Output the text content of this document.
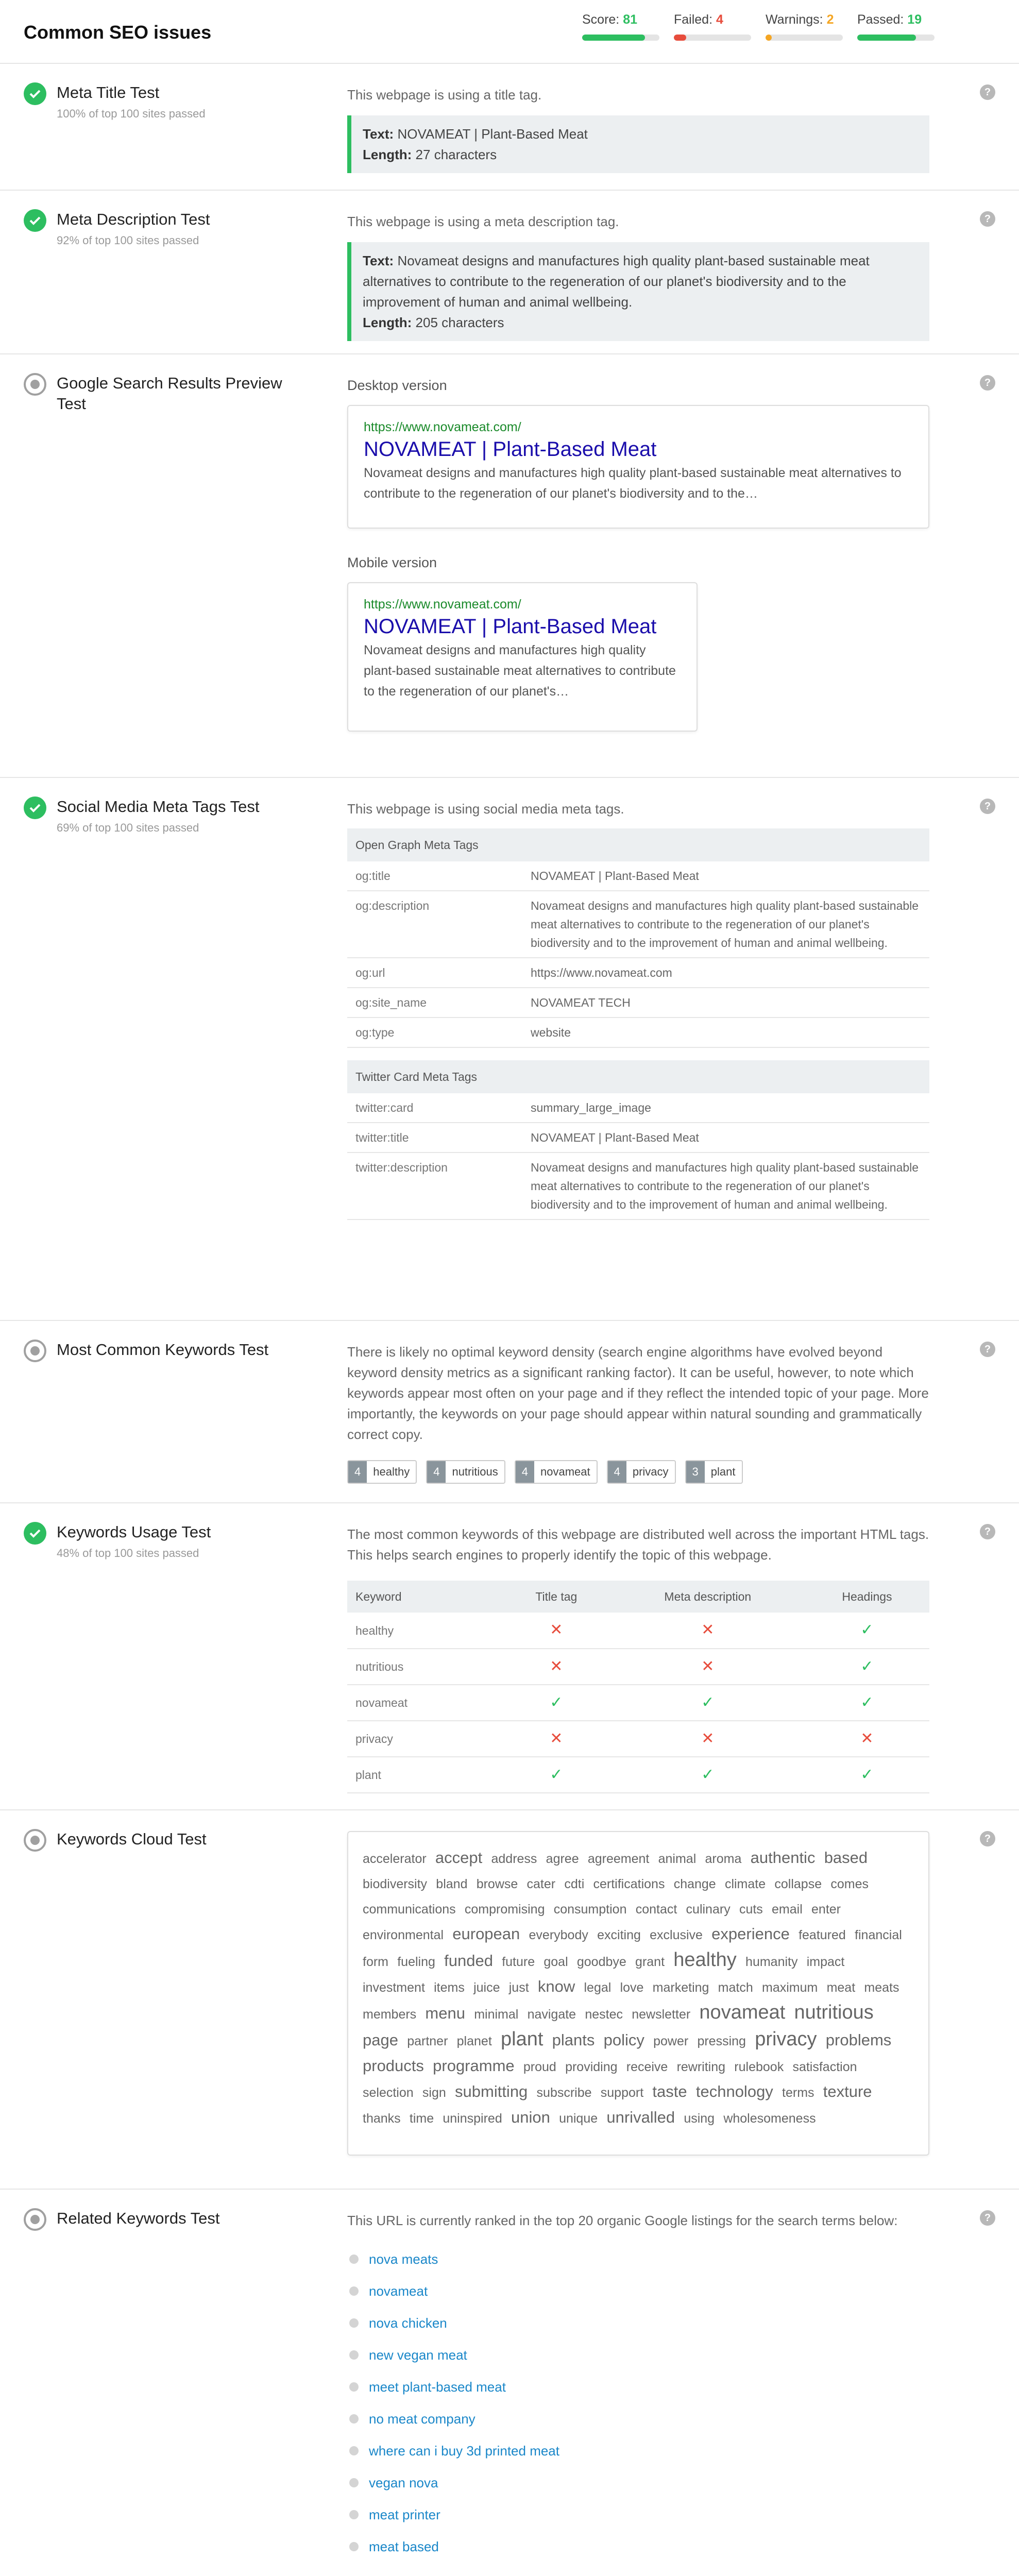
Common SEO issues
Score: 81	Failed: 4	Warnings: 2	Passed: 19
Meta Title Test
100% of top 100 sites passed
?
This webpage is using a title tag.
Text: NOVAMEAT | Plant-Based Meat
Length: 27 characters
Meta Description Test
92% of top 100 sites passed
?
This webpage is using a meta description tag.
Text: Novameat designs and manufactures high quality plant-based sustainable meat alternatives to contribute to the regeneration of our planet's biodiversity and to the improvement of human and animal wellbeing.
Length: 205 characters
Google Search Results Preview Test
?
Desktop version
https://www.novameat.com/
NOVAMEAT | Plant-Based Meat
Novameat designs and manufactures high quality plant-based sustainable meat alternatives to contribute to the regeneration of our planet's biodiversity and to the…
Mobile version
https://www.novameat.com/
NOVAMEAT | Plant-Based Meat
Novameat designs and manufactures high quality plant-based sustainable meat alternatives to contribute to the regeneration of our planet's…
Social Media Meta Tags Test
69% of top 100 sites passed
?
This webpage is using social media meta tags.
Open Graph Meta Tags	
og:title	NOVAMEAT | Plant-Based Meat
og:description	Novameat designs and manufactures high quality plant-based sustainable meat alternatives to contribute to the regeneration of our planet's biodiversity and to the improvement of human and animal wellbeing.
og:url	https://www.novameat.com
og:site_name	NOVAMEAT TECH
og:type	website
Twitter Card Meta Tags	
twitter:card	summary_large_image
twitter:title	NOVAMEAT | Plant-Based Meat
twitter:description	Novameat designs and manufactures high quality plant-based sustainable meat alternatives to contribute to the regeneration of our planet's biodiversity and to the improvement of human and animal wellbeing.
Most Common Keywords Test	?
There is likely no optimal keyword density (search engine algorithms have evolved beyond keyword density metrics as a significant ranking factor). It can be useful, however, to note which keywords appear most often on your page and if they reflect the intended topic of your page. More importantly, the keywords on your page should appear within natural sounding and grammatically correct copy.
4	healthy	4	nutritious	4	novameat	4	privacy	3	plant
Keywords Usage Test
48% of top 100 sites passed
?
The most common keywords of this webpage are distributed well across the important HTML tags. This helps search engines to properly identify the topic of this webpage.
Keyword	Title tag	Meta description	Headings
healthy	✕	✕	✓
nutritious	✕	✕	✓
novameat	✓	✓	✓
privacy	✕	✕	✕
plant	✓	✓	✓
Keywords Cloud Test	?
accelerator accept address agree agreement animal aroma authentic based biodiversity bland browse cater cdti certifications change climate collapse comes communications compromising consumption contact culinary cuts email enter environmental european everybody exciting exclusive experience featured financial form fueling funded future goal goodbye grant healthy humanity impact investment items juice just know legal love marketing match maximum meat meats members menu minimal navigate nestec newsletter novameat nutritious page partner planet plant plants policy power pressing privacy problems products programme proud providing receive rewriting rulebook satisfaction selection sign submitting subscribe support taste technology terms texture thanks time uninspired union unique unrivalled using wholesomeness
Related Keywords Test	?
This URL is currently ranked in the top 20 organic Google listings for the search terms below:
nova meats
novameat
nova chicken
new vegan meat
meet plant-based meat
no meat company
where can i buy 3d printed meat
vegan nova
meat printer
meat based
